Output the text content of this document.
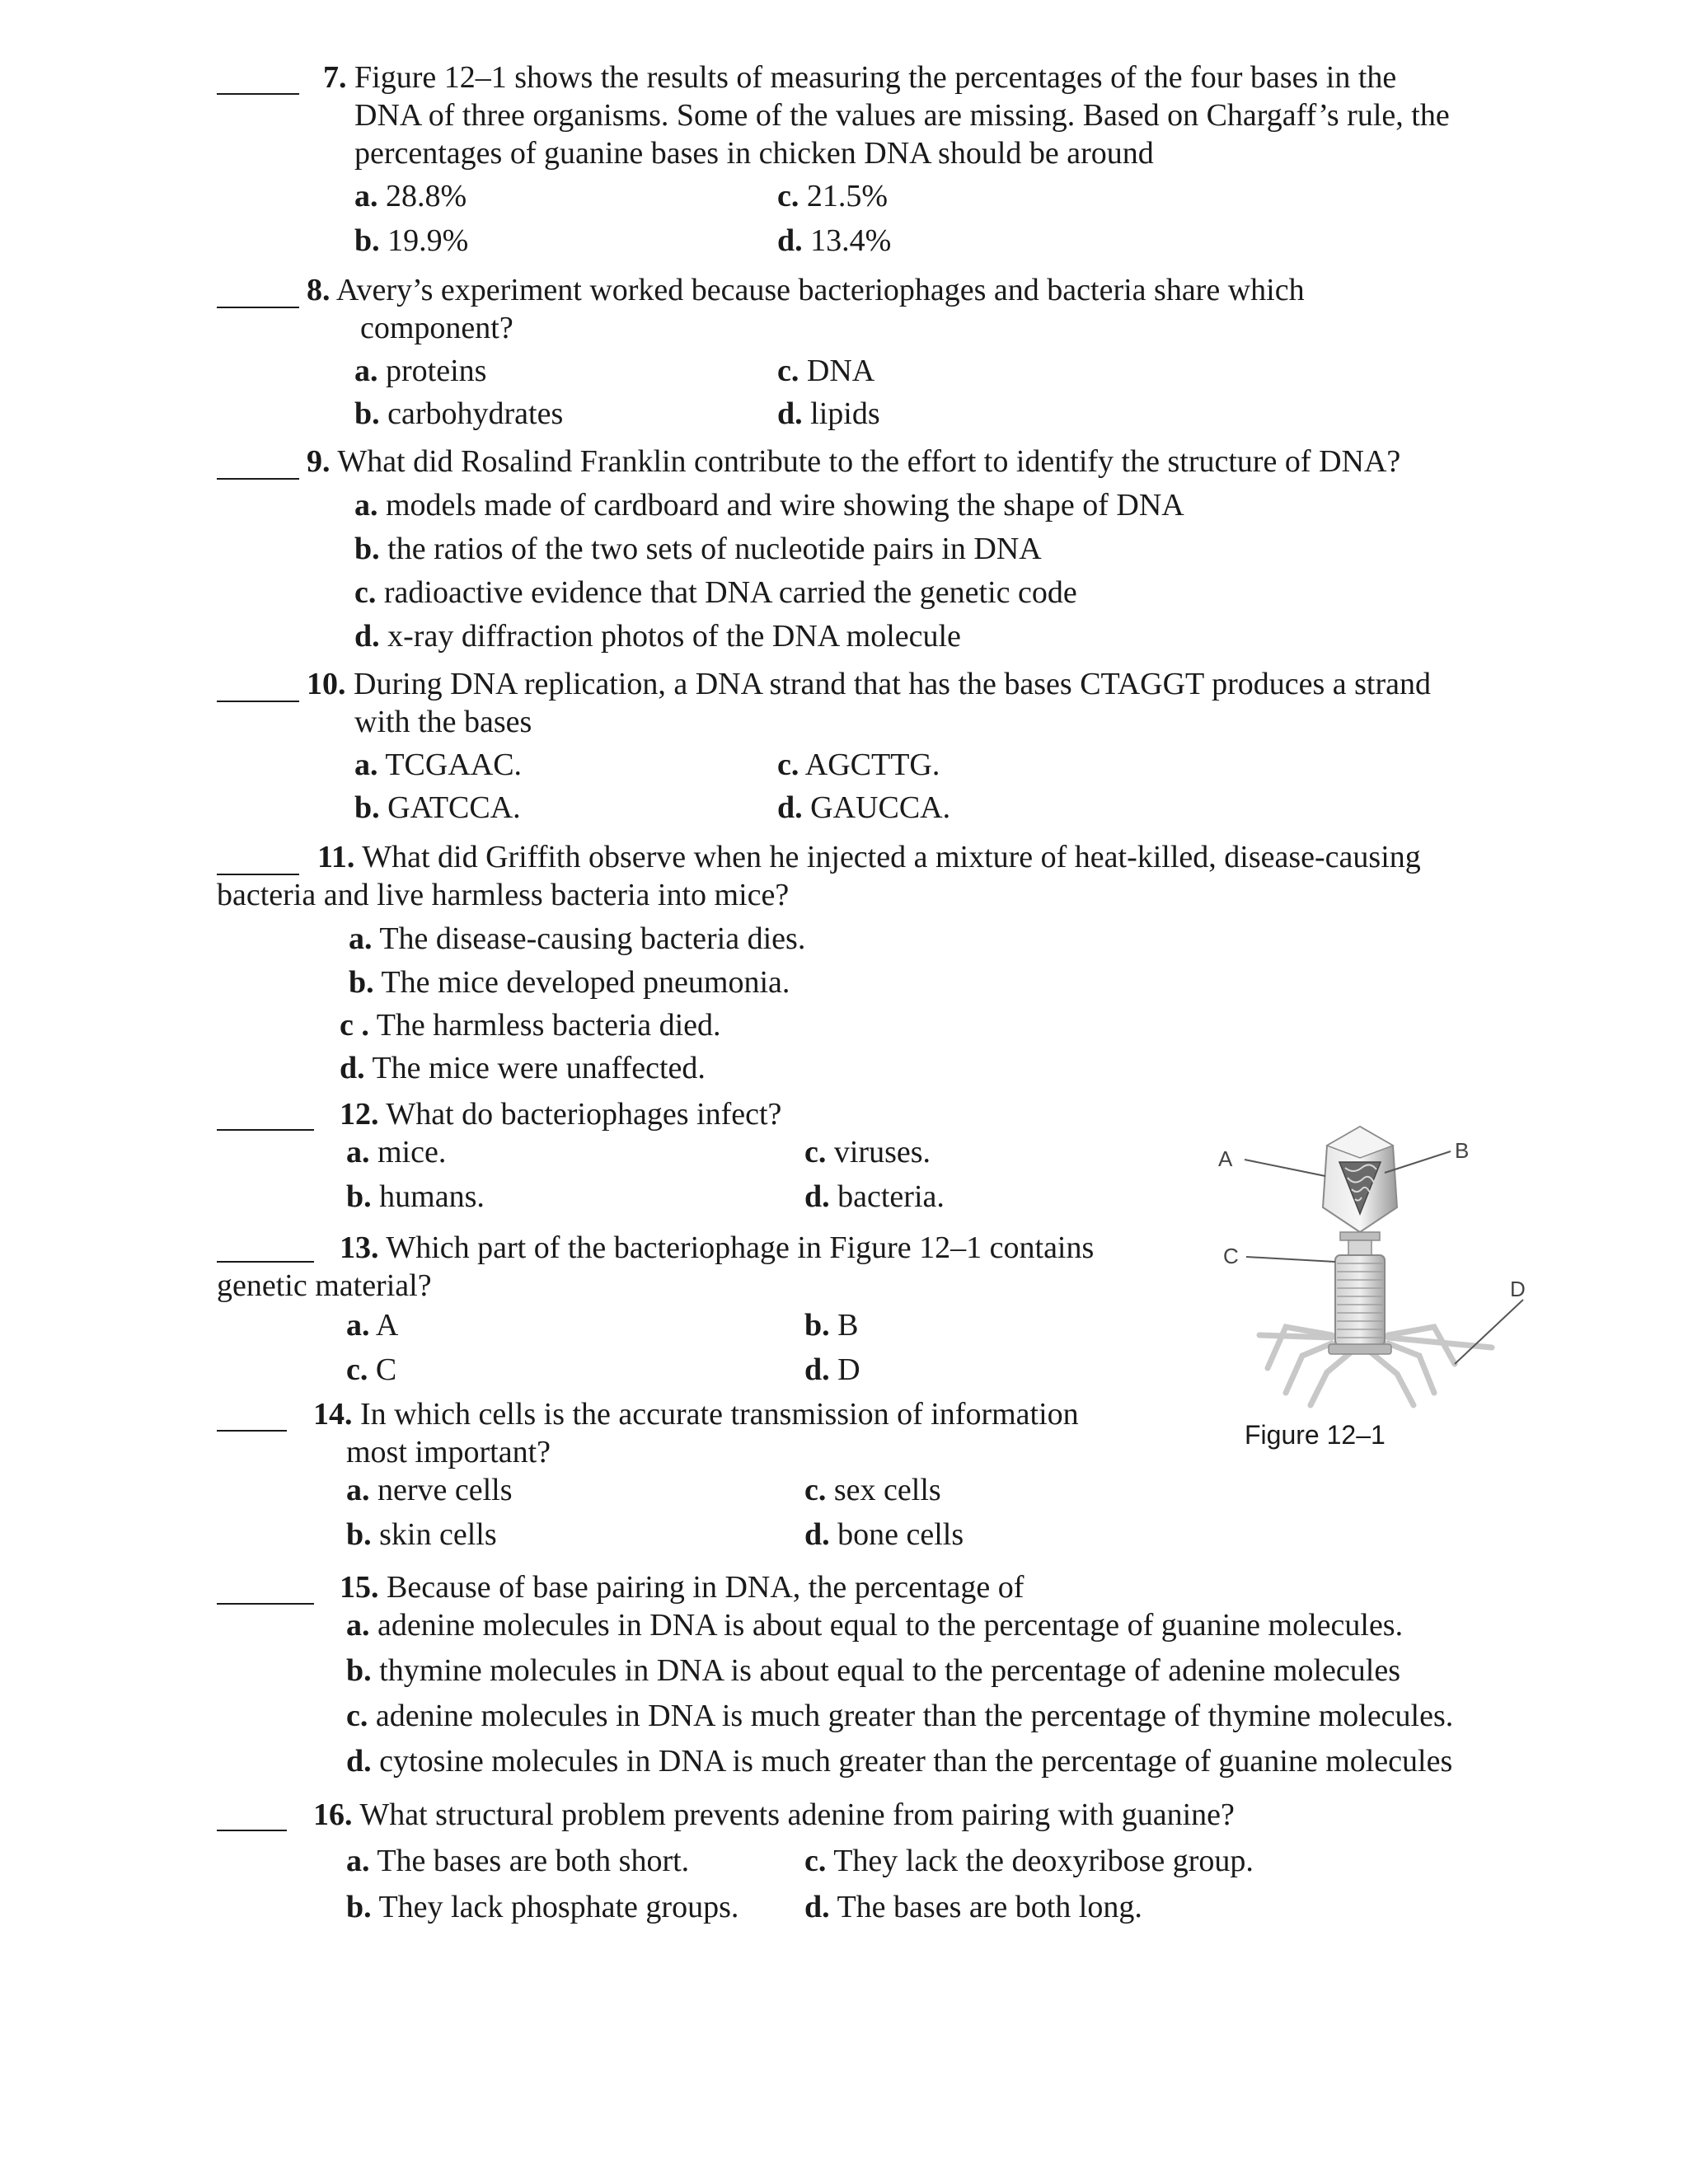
7. Figure 12–1 shows the results of measuring the percentages of the four bases in the
DNA of three organisms. Some of the values are missing. Based on Chargaff’s rule, the
percentages of guanine bases in chicken DNA should be around
a. 28.8%	c. 21.5%
b. 19.9%	d. 13.4%
8. Avery’s experiment worked because bacteriophages and bacteria share which
component?
a. proteins	c. DNA
b. carbohydrates	d. lipids
9. What did Rosalind Franklin contribute to the effort to identify the structure of DNA?
a. models made of cardboard and wire showing the shape of DNA
b. the ratios of the two sets of nucleotide pairs in DNA
c. radioactive evidence that DNA carried the genetic code
d. x-ray diffraction photos of the DNA molecule
10. During DNA replication, a DNA strand that has the bases CTAGGT produces a strand
with the bases
a. TCGAAC.	c. AGCTTG.
b. GATCCA.	d. GAUCCA.
11. What did Griffith observe when he injected a mixture of heat-killed, disease-causing
bacteria and live harmless bacteria into mice?
a. The disease-causing bacteria dies.
b. The mice developed pneumonia.
c . The harmless bacteria died.
d. The mice were unaffected.
12. What do bacteriophages infect?
a. mice.	c. viruses.
b. humans.	d. bacteria.
13. Which part of the bacteriophage in Figure 12–1 contains
genetic material?
a. A	b. B
c. C	d. D
14. In which cells is the accurate transmission of information
most important?
a. nerve cells	c. sex cells
b. skin cells	d. bone cells
15. Because of base pairing in DNA, the percentage of
a. adenine molecules in DNA is about equal to the percentage of guanine molecules.
b. thymine molecules in DNA is about equal to the percentage of adenine molecules
c. adenine molecules in DNA is much greater than the percentage of thymine molecules.
d. cytosine molecules in DNA is much greater than the percentage of guanine molecules
16. What structural problem prevents adenine from pairing with guanine?
a. The bases are both short.	c. They lack the deoxyribose group.
b. They lack phosphate groups. d. The bases are both long.
A	B
C
D
Figure 12–1
